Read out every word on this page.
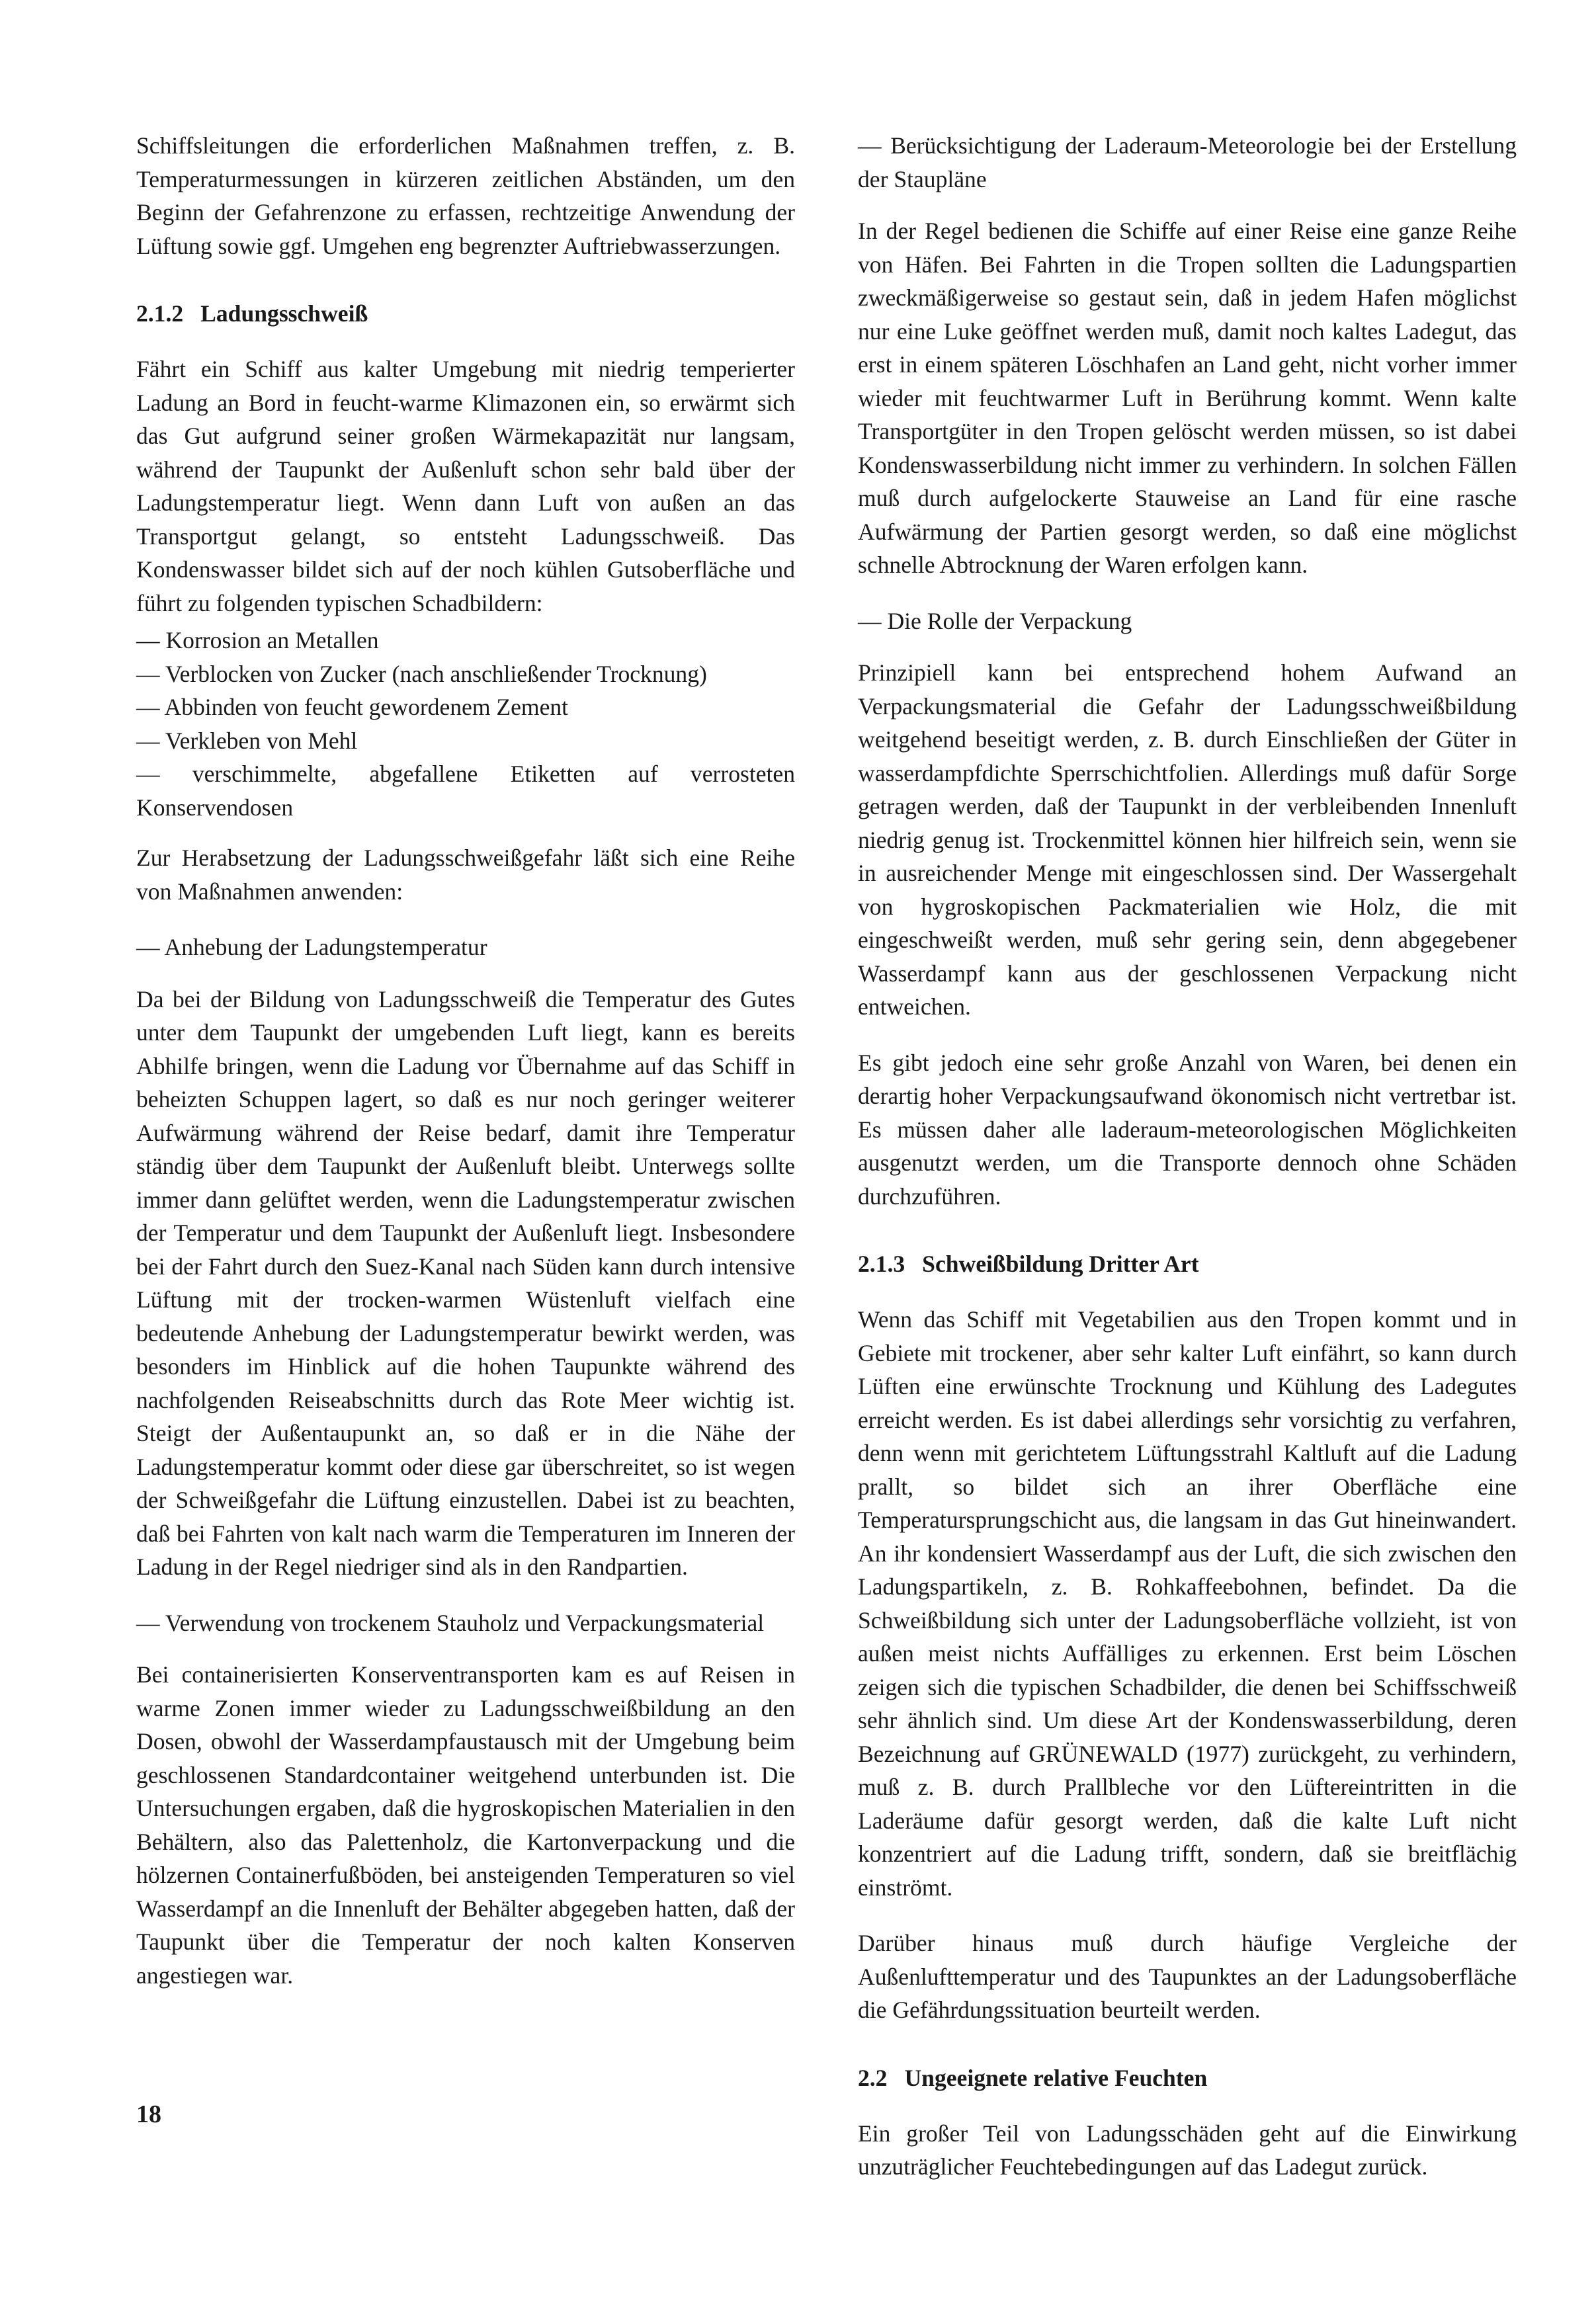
Schiffsleitungen die erforderlichen Maßnahmen treffen, z. B. Temperaturmessungen in kürzeren zeitlichen Abständen, um den Beginn der Gefahrenzone zu erfassen, rechtzeitige Anwendung der Lüftung sowie ggf. Umgehen eng begrenzter Auftriebwasserzungen.

2.1.2 Ladungsschweiß

Fährt ein Schiff aus kalter Umgebung mit niedrig temperierter Ladung an Bord in feucht-warme Klimazonen ein, so erwärmt sich das Gut aufgrund seiner großen Wärmekapazität nur langsam, während der Taupunkt der Außenluft schon sehr bald über der Ladungstemperatur liegt. Wenn dann Luft von außen an das Transportgut gelangt, so entsteht Ladungsschweiß. Das Kondenswasser bildet sich auf der noch kühlen Gutsoberfläche und führt zu folgenden typischen Schadbildern:

— Korrosion an Metallen
— Verblocken von Zucker (nach anschließender Trocknung)
— Abbinden von feucht gewordenem Zement
— Verkleben von Mehl
— verschimmelte, abgefallene Etiketten auf verrosteten Konservendosen

Zur Herabsetzung der Ladungsschweißgefahr läßt sich eine Reihe von Maßnahmen anwenden:

— Anhebung der Ladungstemperatur

Da bei der Bildung von Ladungsschweiß die Temperatur des Gutes unter dem Taupunkt der umgebenden Luft liegt, kann es bereits Abhilfe bringen, wenn die Ladung vor Übernahme auf das Schiff in beheizten Schuppen lagert, so daß es nur noch geringer weiterer Aufwärmung während der Reise bedarf, damit ihre Temperatur ständig über dem Taupunkt der Außenluft bleibt. Unterwegs sollte immer dann gelüftet werden, wenn die Ladungstemperatur zwischen der Temperatur und dem Taupunkt der Außenluft liegt. Insbesondere bei der Fahrt durch den Suez-Kanal nach Süden kann durch intensive Lüftung mit der trocken-warmen Wüstenluft vielfach eine bedeutende Anhebung der Ladungstemperatur bewirkt werden, was besonders im Hinblick auf die hohen Taupunkte während des nachfolgenden Reiseabschnitts durch das Rote Meer wichtig ist. Steigt der Außentaupunkt an, so daß er in die Nähe der Ladungstemperatur kommt oder diese gar überschreitet, so ist wegen der Schweißgefahr die Lüftung einzustellen. Dabei ist zu beachten, daß bei Fahrten von kalt nach warm die Temperaturen im Inneren der Ladung in der Regel niedriger sind als in den Randpartien.

— Verwendung von trockenem Stauholz und Verpackungsmaterial

Bei containerisierten Konserventransporten kam es auf Reisen in warme Zonen immer wieder zu Ladungsschweißbildung an den Dosen, obwohl der Wasserdampfaustausch mit der Umgebung beim geschlossenen Standardcontainer weitgehend unterbunden ist. Die Untersuchungen ergaben, daß die hygroskopischen Materialien in den Behältern, also das Palettenholz, die Kartonverpackung und die hölzernen Containerfußböden, bei ansteigenden Temperaturen so viel Wasserdampf an die Innenluft der Behälter abgegeben hatten, daß der Taupunkt über die Temperatur der noch kalten Konserven angestiegen war.

— Berücksichtigung der Laderaum-Meteorologie bei der Erstellung der Staupläne

In der Regel bedienen die Schiffe auf einer Reise eine ganze Reihe von Häfen. Bei Fahrten in die Tropen sollten die Ladungspartien zweckmäßigerweise so gestaut sein, daß in jedem Hafen möglichst nur eine Luke geöffnet werden muß, damit noch kaltes Ladegut, das erst in einem späteren Löschhafen an Land geht, nicht vorher immer wieder mit feuchtwarmer Luft in Berührung kommt. Wenn kalte Transportgüter in den Tropen gelöscht werden müssen, so ist dabei Kondenswasserbildung nicht immer zu verhindern. In solchen Fällen muß durch aufgelockerte Stauweise an Land für eine rasche Aufwärmung der Partien gesorgt werden, so daß eine möglichst schnelle Abtrocknung der Waren erfolgen kann.

— Die Rolle der Verpackung

Prinzipiell kann bei entsprechend hohem Aufwand an Verpackungsmaterial die Gefahr der Ladungsschweißbildung weitgehend beseitigt werden, z. B. durch Einschließen der Güter in wasserdampfdichte Sperrschichtfolien. Allerdings muß dafür Sorge getragen werden, daß der Taupunkt in der verbleibenden Innenluft niedrig genug ist. Trockenmittel können hier hilfreich sein, wenn sie in ausreichender Menge mit eingeschlossen sind. Der Wassergehalt von hygroskopischen Packmaterialien wie Holz, die mit eingeschweißt werden, muß sehr gering sein, denn abgegebener Wasserdampf kann aus der geschlossenen Verpackung nicht entweichen.

Es gibt jedoch eine sehr große Anzahl von Waren, bei denen ein derartig hoher Verpackungsaufwand ökonomisch nicht vertretbar ist. Es müssen daher alle laderaum-meteorologischen Möglichkeiten ausgenutzt werden, um die Transporte dennoch ohne Schäden durchzuführen.

2.1.3 Schweißbildung Dritter Art

Wenn das Schiff mit Vegetabilien aus den Tropen kommt und in Gebiete mit trockener, aber sehr kalter Luft einfährt, so kann durch Lüften eine erwünschte Trocknung und Kühlung des Ladegutes erreicht werden. Es ist dabei allerdings sehr vorsichtig zu verfahren, denn wenn mit gerichtetem Lüftungsstrahl Kaltluft auf die Ladung prallt, so bildet sich an ihrer Oberfläche eine Temperatursprungschicht aus, die langsam in das Gut hineinwandert. An ihr kondensiert Wasserdampf aus der Luft, die sich zwischen den Ladungspartikeln, z. B. Rohkaffeebohnen, befindet. Da die Schweißbildung sich unter der Ladungsoberfläche vollzieht, ist von außen meist nichts Auffälliges zu erkennen. Erst beim Löschen zeigen sich die typischen Schadbilder, die denen bei Schiffsschweiß sehr ähnlich sind. Um diese Art der Kondenswasserbildung, deren Bezeichnung auf GRÜNEWALD (1977) zurückgeht, zu verhindern, muß z. B. durch Prallbleche vor den Lüftereintritten in die Laderäume dafür gesorgt werden, daß die kalte Luft nicht konzentriert auf die Ladung trifft, sondern, daß sie breitflächig einströmt.

Darüber hinaus muß durch häufige Vergleiche der Außenlufttemperatur und des Taupunktes an der Ladungsoberfläche die Gefährdungssituation beurteilt werden.

2.2 Ungeeignete relative Feuchten

Ein großer Teil von Ladungsschäden geht auf die Einwirkung unzuträglicher Feuchtebedingungen auf das Ladegut zurück.

18
